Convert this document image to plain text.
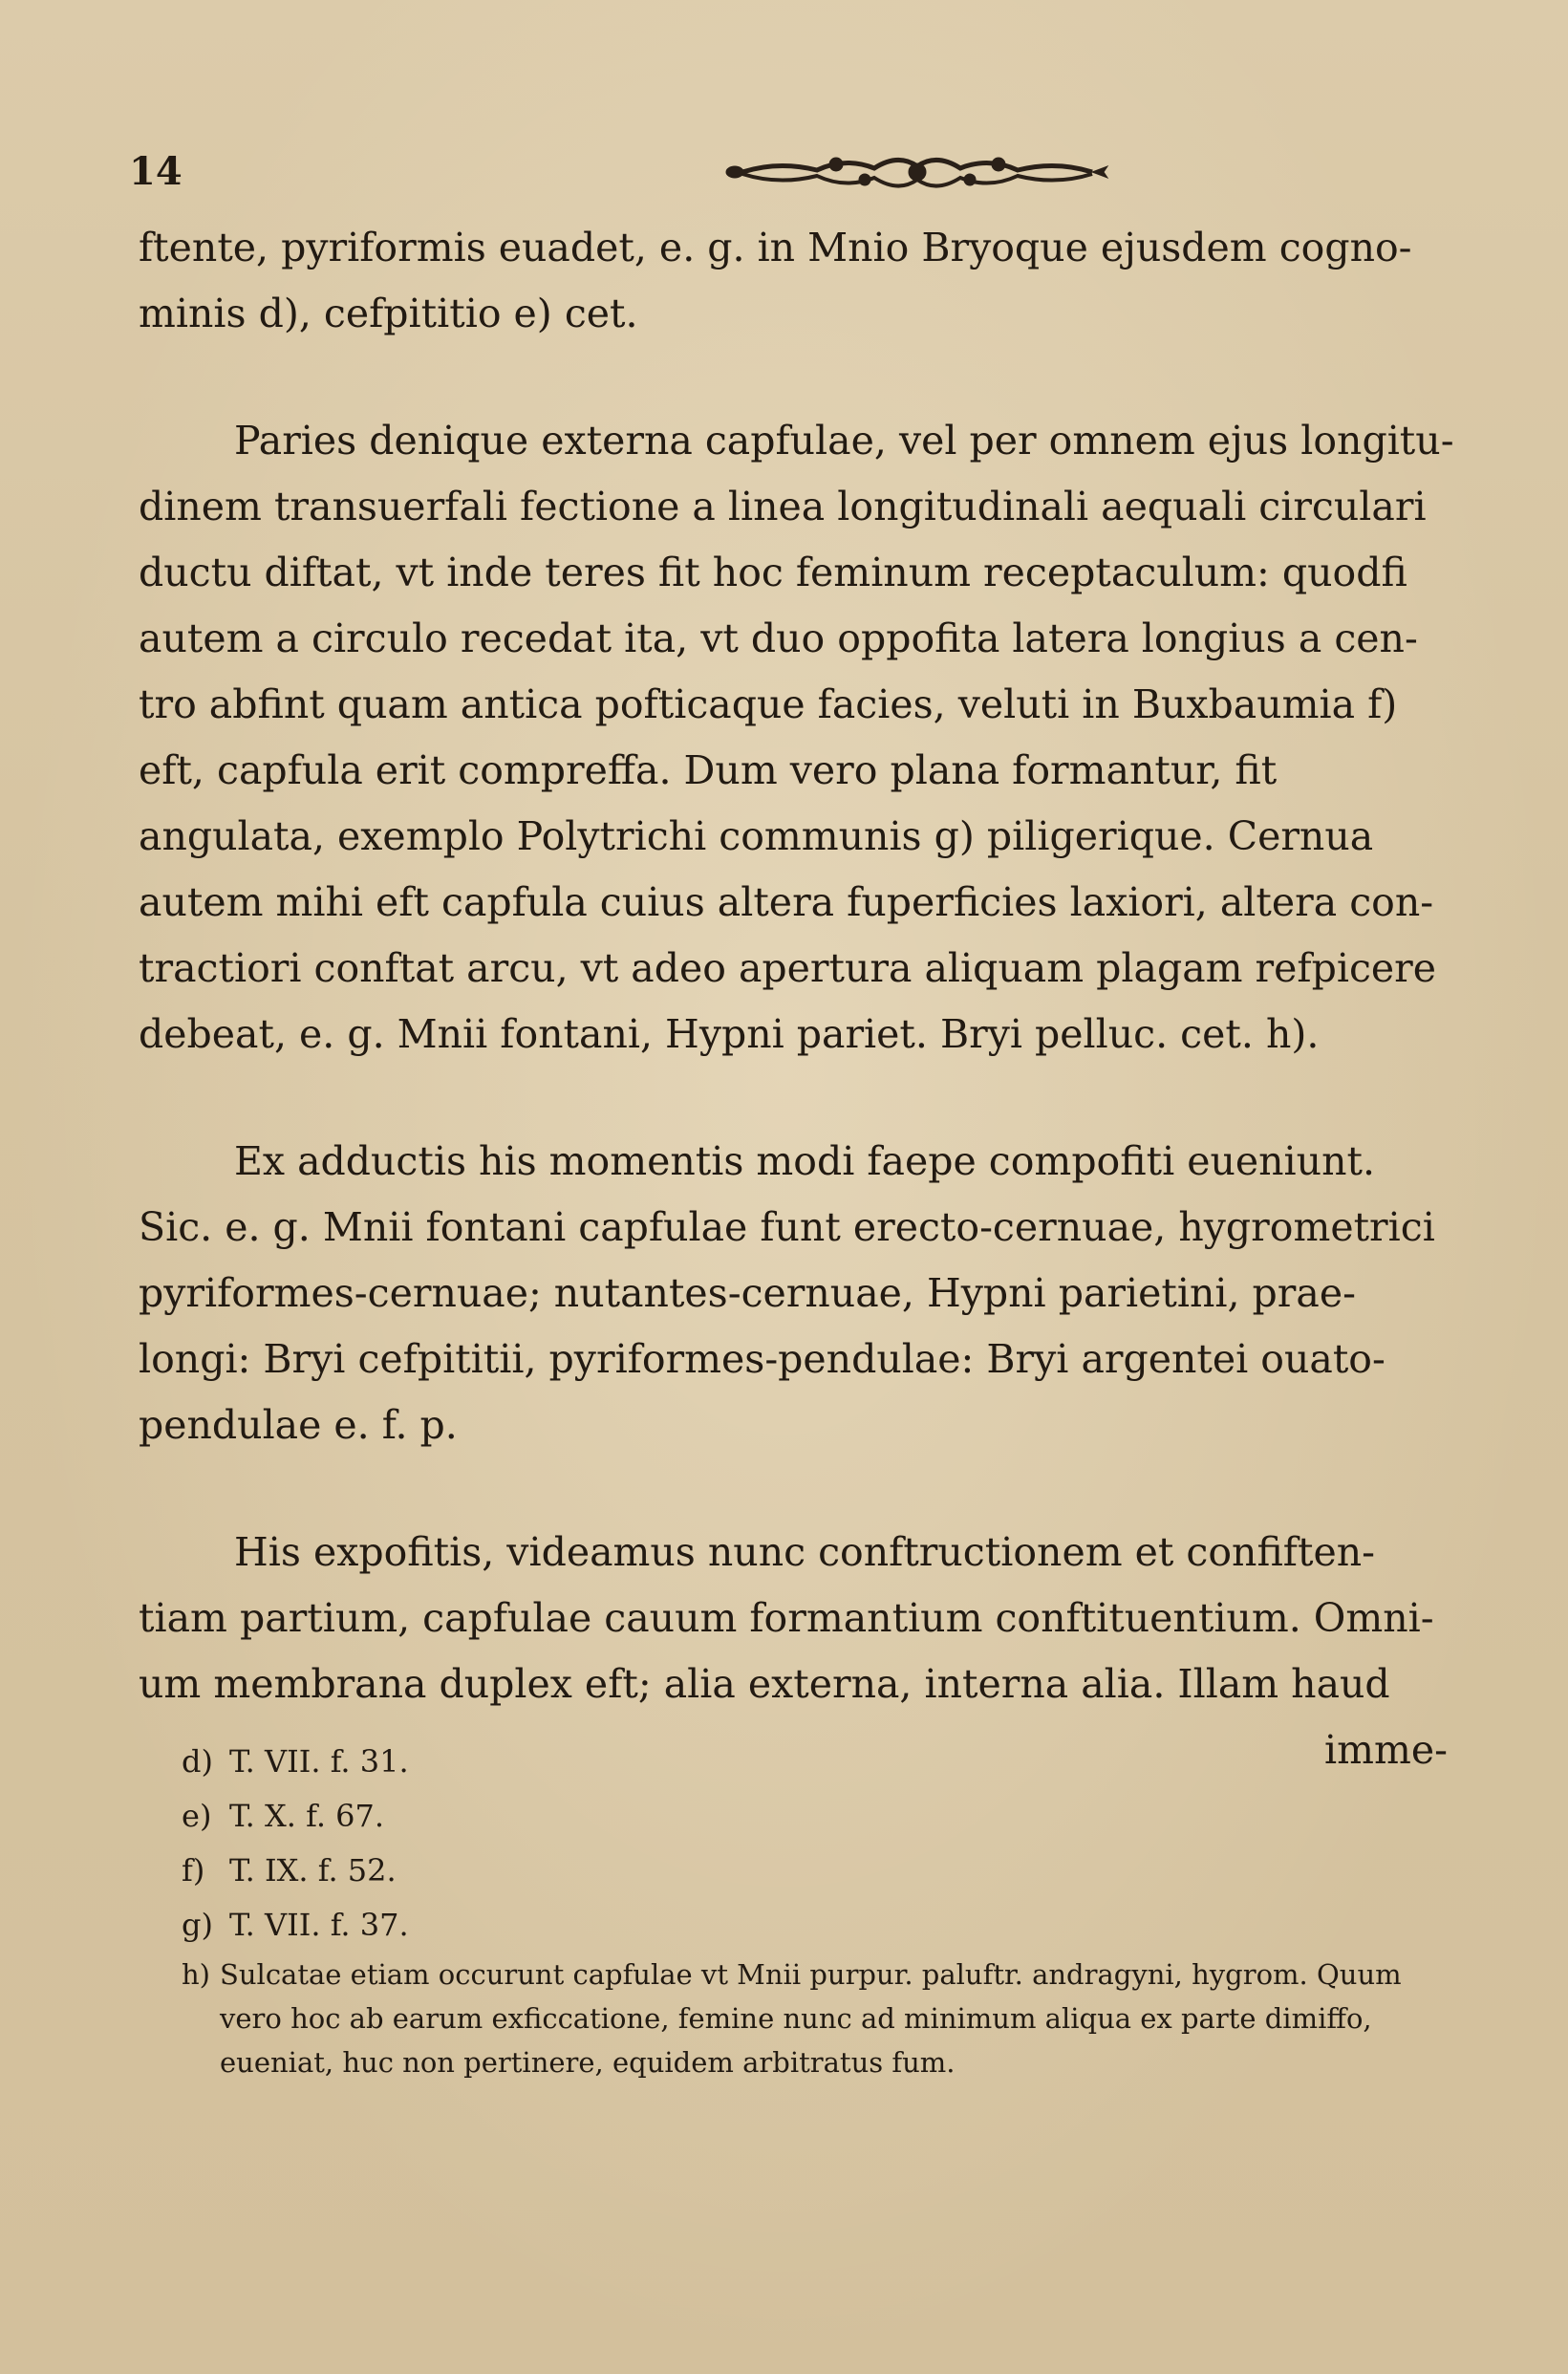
14
ftente, pyriformis euadet, e. g. in Mnio Bryoque ejusdem cogno-
minis d), cefpititio e) cet.
Paries denique externa capfulae, vel per omnem ejus longitu-
dinem transuerfali fectione a linea longitudinali aequali circulari
ductu diftat, vt inde teres fit hoc feminum receptaculum: quodfi
autem a circulo recedat ita, vt duo oppofita latera longius a cen-
tro abfint quam antica pofticaque facies, veluti in Buxbaumia f)
eft, capfula erit compreffa. Dum vero plana formantur, fit
angulata, exemplo Polytrichi communis g) piligerique. Cernua
autem mihi eft capfula cuius altera fuperficies laxiori, altera con-
tractiori conftat arcu, vt adeo apertura aliquam plagam refpicere
debeat, e. g. Mnii fontani, Hypni pariet. Bryi pelluc. cet. h).
Ex adductis his momentis modi faepe compofiti eueniunt.
Sic. e. g. Mnii fontani capfulae funt erecto-cernuae, hygrometrici
pyriformes-cernuae; nutantes-cernuae, Hypni parietini, prae-
longi: Bryi cefpititii, pyriformes-pendulae: Bryi argentei ouato-
pendulae e. f. p.
His expofitis, videamus nunc conftructionem et confiften-
tiam partium, capfulae cauum formantium conftituentium. Omni-
um membrana duplex eft; alia externa, interna alia. Illam haud
imme-
d) T. VII. f. 31.
e) T. X. f. 67.
f) T. IX. f. 52.
g) T. VII. f. 37.
h) Sulcatae etiam occurunt capfulae vt Mnii purpur. paluftr. andragyni, hygrom. Quum
vero hoc ab earum exficcatione, femine nunc ad minimum aliqua ex parte dimiffo,
eueniat, huc non pertinere, equidem arbitratus fum.
